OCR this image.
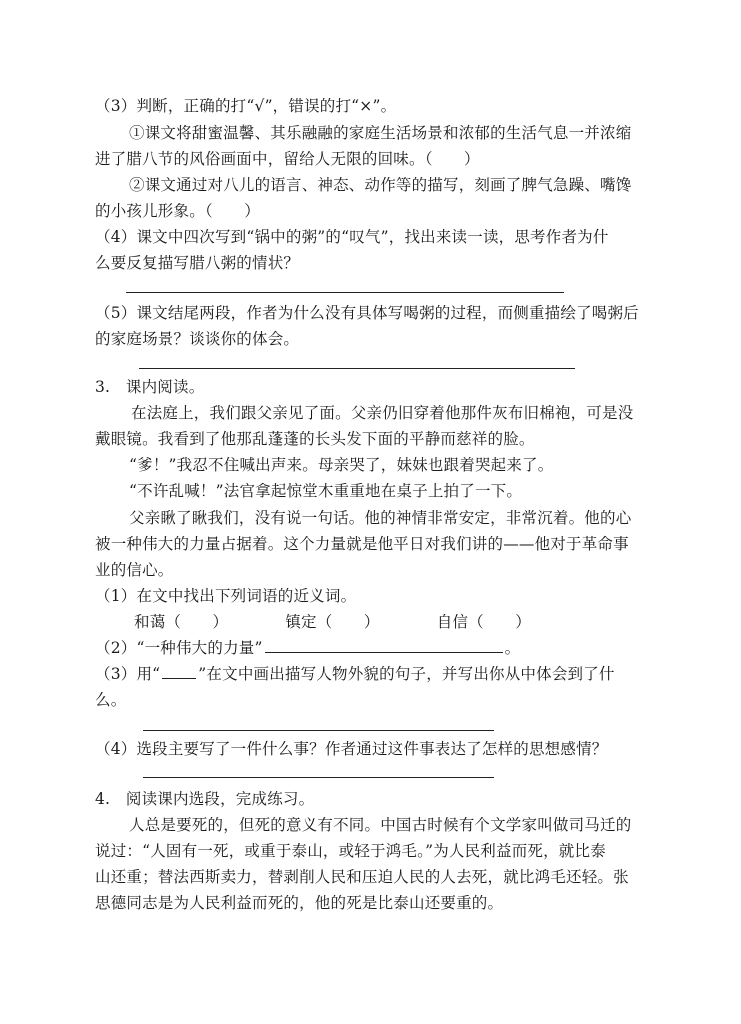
（3）判断，正确的打“√”，错误的打“×”。
①课文将甜蜜温馨、其乐融融的家庭生活场景和浓郁的生活气息一并浓缩
进了腊八节的风俗画面中，留给人无限的回味。（　　）
②课文通过对八儿的语言、神态、动作等的描写，刻画了脾气急躁、嘴馋
的小孩儿形象。（　　）
（4）课文中四次写到“锅中的粥”的“叹气”，找出来读一读，思考作者为什
么要反复描写腊八粥的情状？
（5）课文结尾两段，作者为什么没有具体写喝粥的过程，而侧重描绘了喝粥后
的家庭场景？谈谈你的体会。
3.　课内阅读。
在法庭上，我们跟父亲见了面。父亲仍旧穿着他那件灰布旧棉袍，可是没
戴眼镜。我看到了他那乱蓬蓬的长头发下面的平静而慈祥的脸。
“爹！”我忍不住喊出声来。母亲哭了，妹妹也跟着哭起来了。
“不许乱喊！”法官拿起惊堂木重重地在桌子上拍了一下。
父亲瞅了瞅我们，没有说一句话。他的神情非常安定，非常沉着。他的心
被一种伟大的力量占据着。这个力量就是他平日对我们讲的——他对于革命事
业的信心。
（1）在文中找出下列词语的近义词。
和蔼（　　）	镇定（　　）	自信（　　）
（2）“一种伟大的力量”	。
（3）用“ ”在文中画出描写人物外貌的句子，并写出你从中体会到了什
么。
（4）选段主要写了一件什么事？作者通过这件事表达了怎样的思想感情？
4.　阅读课内选段，完成练习。
人总是要死的，但死的意义有不同。中国古时候有个文学家叫做司马迁的
说过：“人固有一死，或重于泰山，或轻于鸿毛。”为人民利益而死，就比泰
山还重；替法西斯卖力，替剥削人民和压迫人民的人去死，就比鸿毛还轻。张
思德同志是为人民利益而死的，他的死是比泰山还要重的。
